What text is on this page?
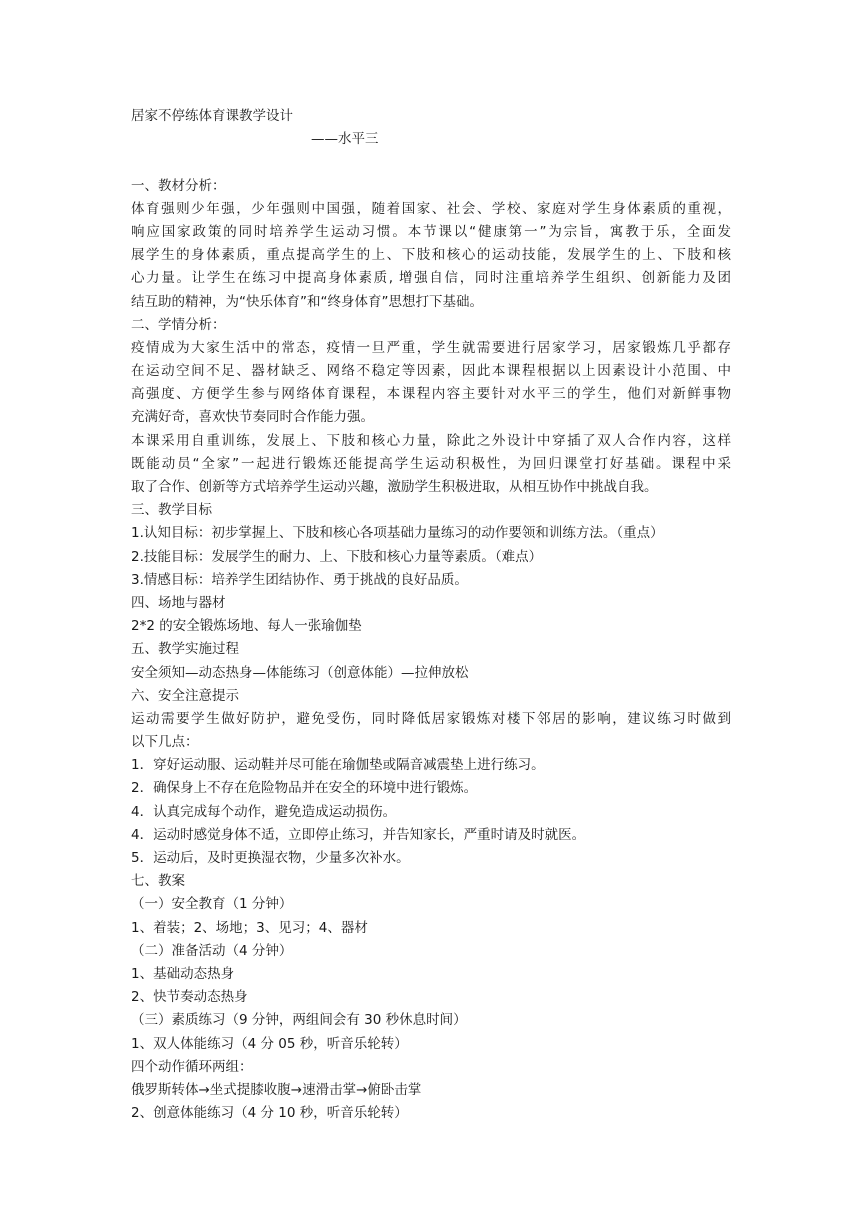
居家不停练体育课教学设计
——水平三
一、教材分析：
体育强则少年强，少年强则中国强，随着国家、社会、学校、家庭对学生身体素质的重视，
响应国家政策的同时培养学生运动习惯。本节课以“健康第一”为宗旨，寓教于乐，全面发
展学生的身体素质，重点提高学生的上、下肢和核心的运动技能，发展学生的上、下肢和核
心力量。让学生在练习中提高身体素质, 增强自信，同时注重培养学生组织、创新能力及团
结互助的精神，为“快乐体育”和“终身体育”思想打下基础。
二、学情分析：
疫情成为大家生活中的常态，疫情一旦严重，学生就需要进行居家学习，居家锻炼几乎都存
在运动空间不足、器材缺乏、网络不稳定等因素，因此本课程根据以上因素设计小范围、中
高强度、方便学生参与网络体育课程，本课程内容主要针对水平三的学生，他们对新鲜事物
充满好奇，喜欢快节奏同时合作能力强。
本课采用自重训练，发展上、下肢和核心力量，除此之外设计中穿插了双人合作内容，这样
既能动员“全家”一起进行锻炼还能提高学生运动积极性，为回归课堂打好基础。课程中采
取了合作、创新等方式培养学生运动兴趣，激励学生积极进取，从相互协作中挑战自我。
三、教学目标
1.认知目标：初步掌握上、下肢和核心各项基础力量练习的动作要领和训练方法。（重点）
2.技能目标：发展学生的耐力、上、下肢和核心力量等素质。（难点）
3.情感目标：培养学生团结协作、勇于挑战的良好品质。
四、场地与器材
2*2 的安全锻炼场地、每人一张瑜伽垫
五、教学实施过程
安全须知—动态热身—体能练习（创意体能）—拉伸放松
六、安全注意提示
运动需要学生做好防护，避免受伤，同时降低居家锻炼对楼下邻居的影响，建议练习时做到
以下几点：
1．穿好运动服、运动鞋并尽可能在瑜伽垫或隔音减震垫上进行练习。
2．确保身上不存在危险物品并在安全的环境中进行锻炼。
4．认真完成每个动作，避免造成运动损伤。
4．运动时感觉身体不适，立即停止练习，并告知家长，严重时请及时就医。
5．运动后，及时更换湿衣物，少量多次补水。
七、教案
（一）安全教育（1 分钟）
1、着装；2、场地；3、见习；4、器材
（二）准备活动（4 分钟）
1、基础动态热身
2、快节奏动态热身
（三）素质练习（9 分钟，两组间会有 30 秒休息时间）
1、双人体能练习（4 分 05 秒，听音乐轮转）
四个动作循环两组：
俄罗斯转体→坐式提膝收腹→速滑击掌→俯卧击掌
2、创意体能练习（4 分 10 秒，听音乐轮转）
